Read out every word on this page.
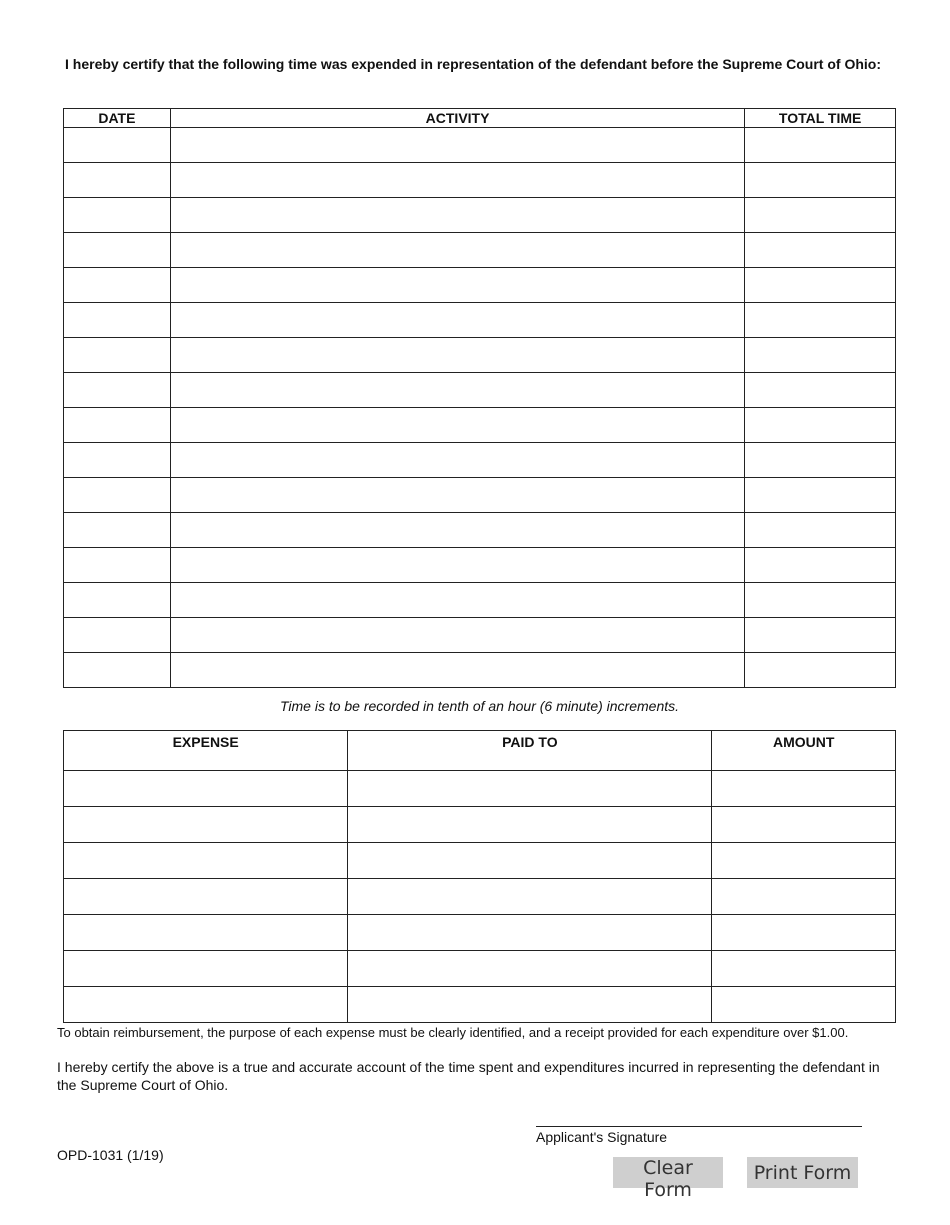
I hereby certify that the following time was expended in representation of the defendant before the Supreme Court of Ohio:
DATE	ACTIVITY	TOTAL TIME

Time is to be recorded in tenth of an hour (6 minute) increments.
EXPENSE	PAID TO	AMOUNT

To obtain reimbursement, the purpose of each expense must be clearly identified, and a receipt provided for each expenditure over $1.00.
I hereby certify the above is a true and accurate account of the time spent and expenditures incurred in representing the defendant in the Supreme Court of Ohio.
Applicant's Signature
OPD-1031 (1/19)
Clear Form
Print Form
